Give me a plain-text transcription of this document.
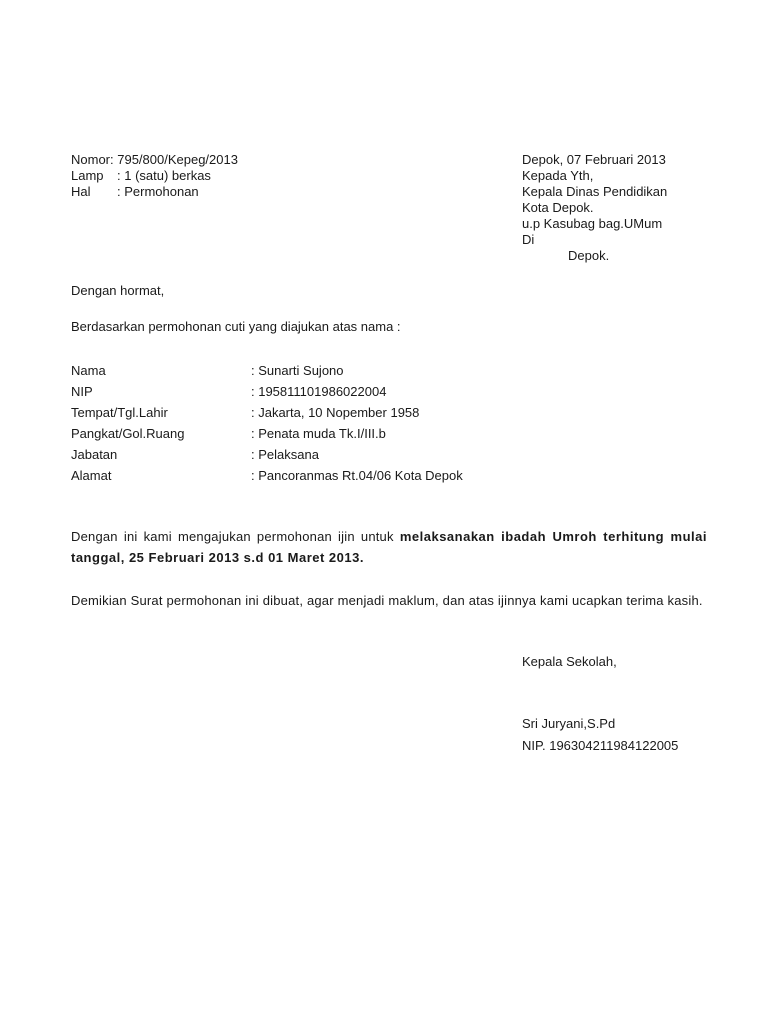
Nomor: 795/800/Kepeg/2013
Lamp	: 1 (satu) berkas
Hal	: Permohonan
Depok, 07 Februari 2013
Kepada Yth,
Kepala Dinas Pendidikan
Kota Depok.
u.p Kasubag bag.UMum
Di
Depok.
Dengan hormat,
Berdasarkan permohonan cuti yang diajukan atas nama :
Nama	: Sunarti Sujono
NIP	: 195811101986022004
Tempat/Tgl.Lahir	: Jakarta, 10 Nopember 1958
Pangkat/Gol.Ruang	: Penata muda Tk.I/III.b
Jabatan	: Pelaksana
Alamat	: Pancoranmas Rt.04/06 Kota Depok
Dengan ini kami mengajukan permohonan ijin untuk melaksanakan ibadah Umroh terhitung mulai tanggal, 25 Februari 2013 s.d 01 Maret 2013.
Demikian Surat permohonan ini dibuat, agar menjadi maklum, dan atas ijinnya kami ucapkan terima kasih.
Kepala Sekolah,
Sri Juryani,S.Pd
NIP. 196304211984122005
